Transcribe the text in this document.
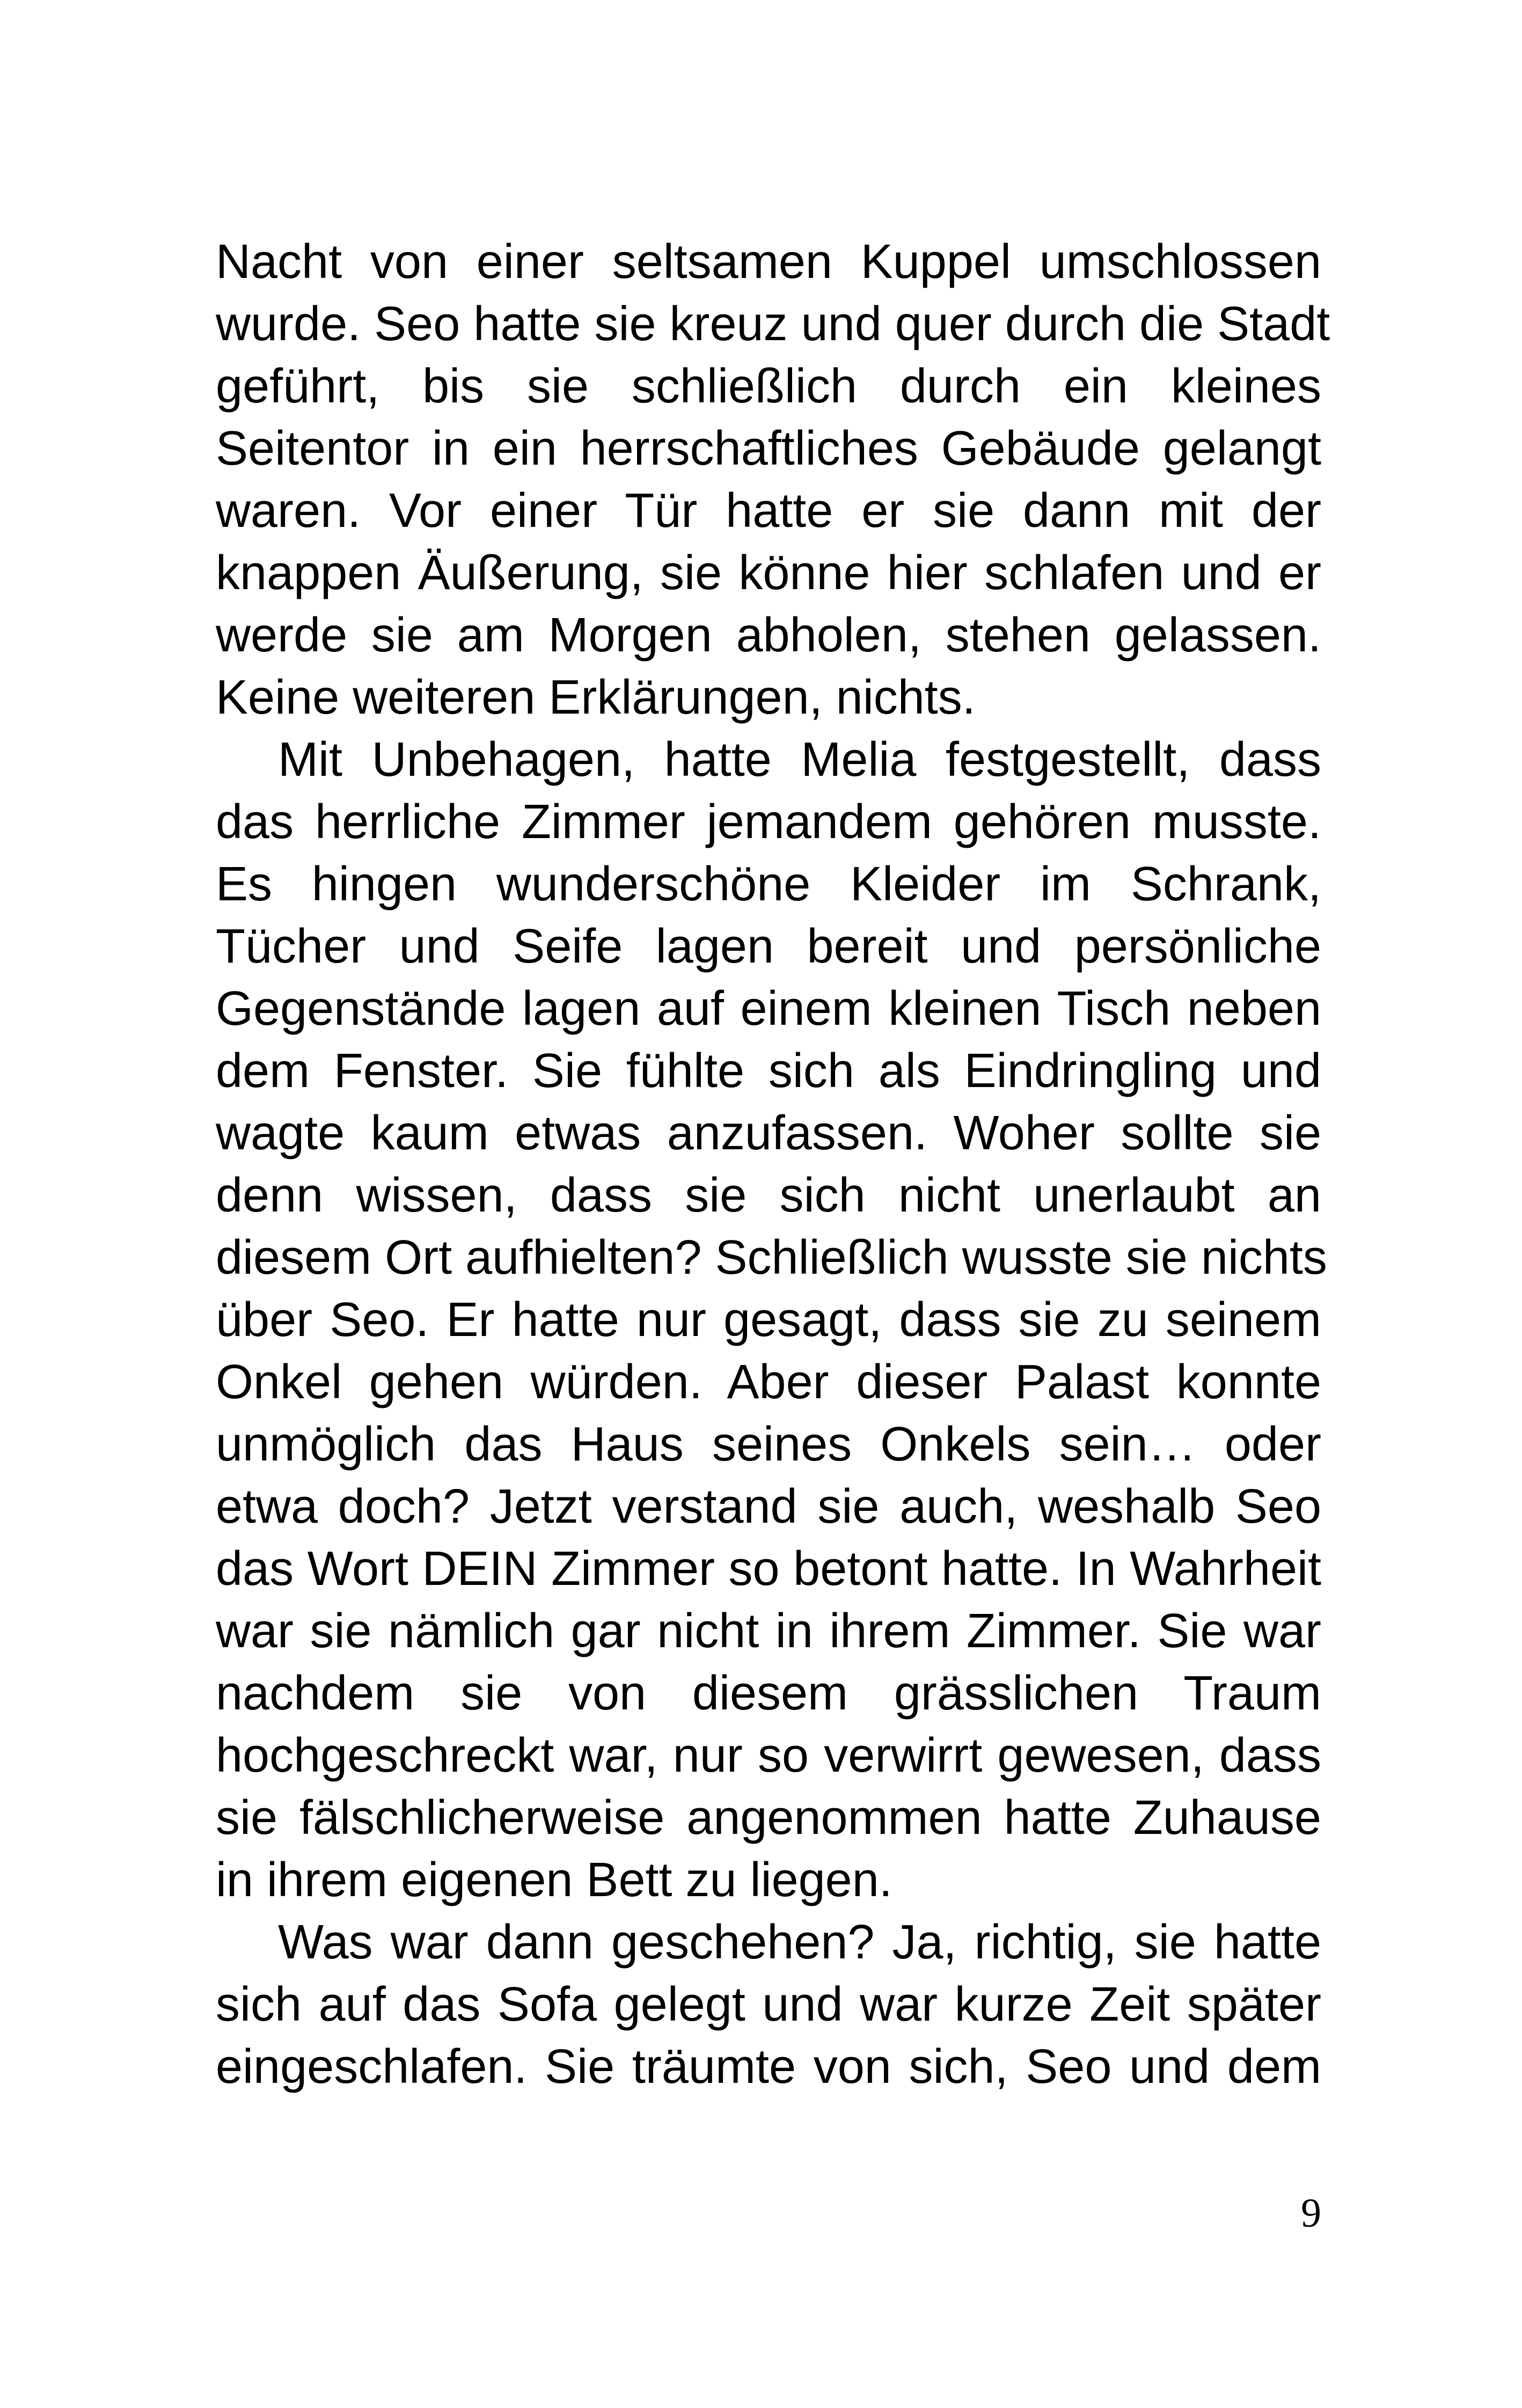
Nacht von einer seltsamen Kuppel umschlossen
wurde. Seo hatte sie kreuz und quer durch die Stadt
geführt, bis sie schließlich durch ein kleines
Seitentor in ein herrschaftliches Gebäude gelangt
waren. Vor einer Tür hatte er sie dann mit der
knappen Äußerung, sie könne hier schlafen und er
werde sie am Morgen abholen, stehen gelassen.
Keine weiteren Erklärungen, nichts.
Mit Unbehagen, hatte Melia festgestellt, dass
das herrliche Zimmer jemandem gehören musste.
Es hingen wunderschöne Kleider im Schrank,
Tücher und Seife lagen bereit und persönliche
Gegenstände lagen auf einem kleinen Tisch neben
dem Fenster. Sie fühlte sich als Eindringling und
wagte kaum etwas anzufassen. Woher sollte sie
denn wissen, dass sie sich nicht unerlaubt an
diesem Ort aufhielten? Schließlich wusste sie nichts
über Seo. Er hatte nur gesagt, dass sie zu seinem
Onkel gehen würden. Aber dieser Palast konnte
unmöglich das Haus seines Onkels sein… oder
etwa doch? Jetzt verstand sie auch, weshalb Seo
das Wort DEIN Zimmer so betont hatte. In Wahrheit
war sie nämlich gar nicht in ihrem Zimmer. Sie war
nachdem sie von diesem grässlichen Traum
hochgeschreckt war, nur so verwirrt gewesen, dass
sie fälschlicherweise angenommen hatte Zuhause
in ihrem eigenen Bett zu liegen.
Was war dann geschehen? Ja, richtig, sie hatte
sich auf das Sofa gelegt und war kurze Zeit später
eingeschlafen. Sie träumte von sich, Seo und dem
9
